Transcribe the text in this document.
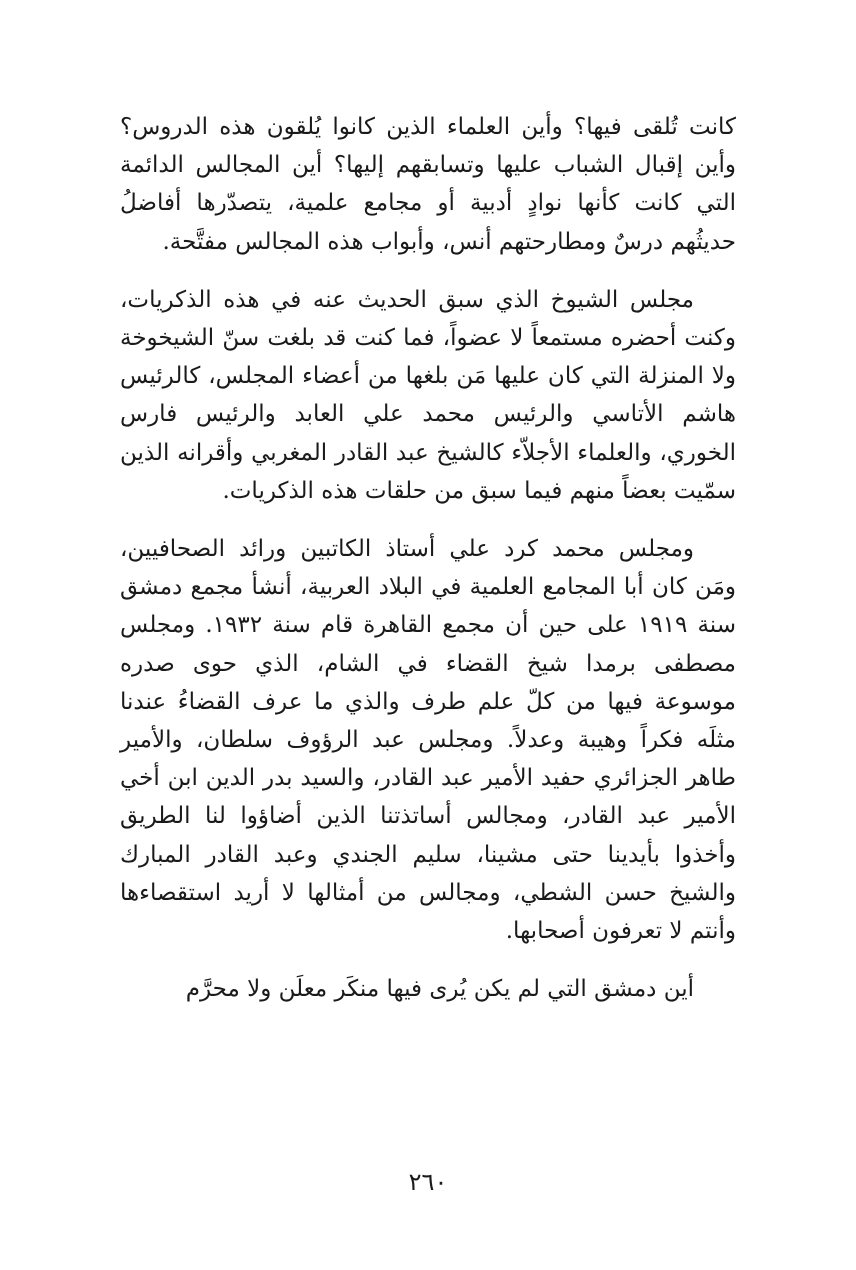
كانت تُلقى فيها؟ وأين العلماء الذين كانوا يُلقون هذه الدروس؟ وأين إقبال الشباب عليها وتسابقهم إليها؟ أين المجالس الدائمة التي كانت كأنها نوادٍ أدبية أو مجامع علمية، يتصدّرها أفاضلُ حديثُهم درسٌ ومطارحتهم أنس، وأبواب هذه المجالس مفتَّحة.

مجلس الشيوخ الذي سبق الحديث عنه في هذه الذكريات، وكنت أحضره مستمعاً لا عضواً، فما كنت قد بلغت سنّ الشيخوخة ولا المنزلة التي كان عليها مَن بلغها من أعضاء المجلس، كالرئيس هاشم الأتاسي والرئيس محمد علي العابد والرئيس فارس الخوري، والعلماء الأجلاّء كالشيخ عبد القادر المغربي وأقرانه الذين سمّيت بعضاً منهم فيما سبق من حلقات هذه الذكريات.

ومجلس محمد كرد علي أستاذ الكاتبين ورائد الصحافيين، ومَن كان أبا المجامع العلمية في البلاد العربية، أنشأ مجمع دمشق سنة ١٩١٩ على حين أن مجمع القاهرة قام سنة ١٩٣٢. ومجلس مصطفى برمدا شيخ القضاء في الشام، الذي حوى صدره موسوعة فيها من كلّ علم طرف والذي ما عرف القضاءُ عندنا مثلَه فكراً وهيبة وعدلاً. ومجلس عبد الرؤوف سلطان، والأمير طاهر الجزائري حفيد الأمير عبد القادر، والسيد بدر الدين ابن أخي الأمير عبد القادر، ومجالس أساتذتنا الذين أضاؤوا لنا الطريق وأخذوا بأيدينا حتى مشينا، سليم الجندي وعبد القادر المبارك والشيخ حسن الشطي، ومجالس من أمثالها لا أريد استقصاءها وأنتم لا تعرفون أصحابها.

أين دمشق التي لم يكن يُرى فيها منكَر معلَن ولا محرَّم

٢٦٠
